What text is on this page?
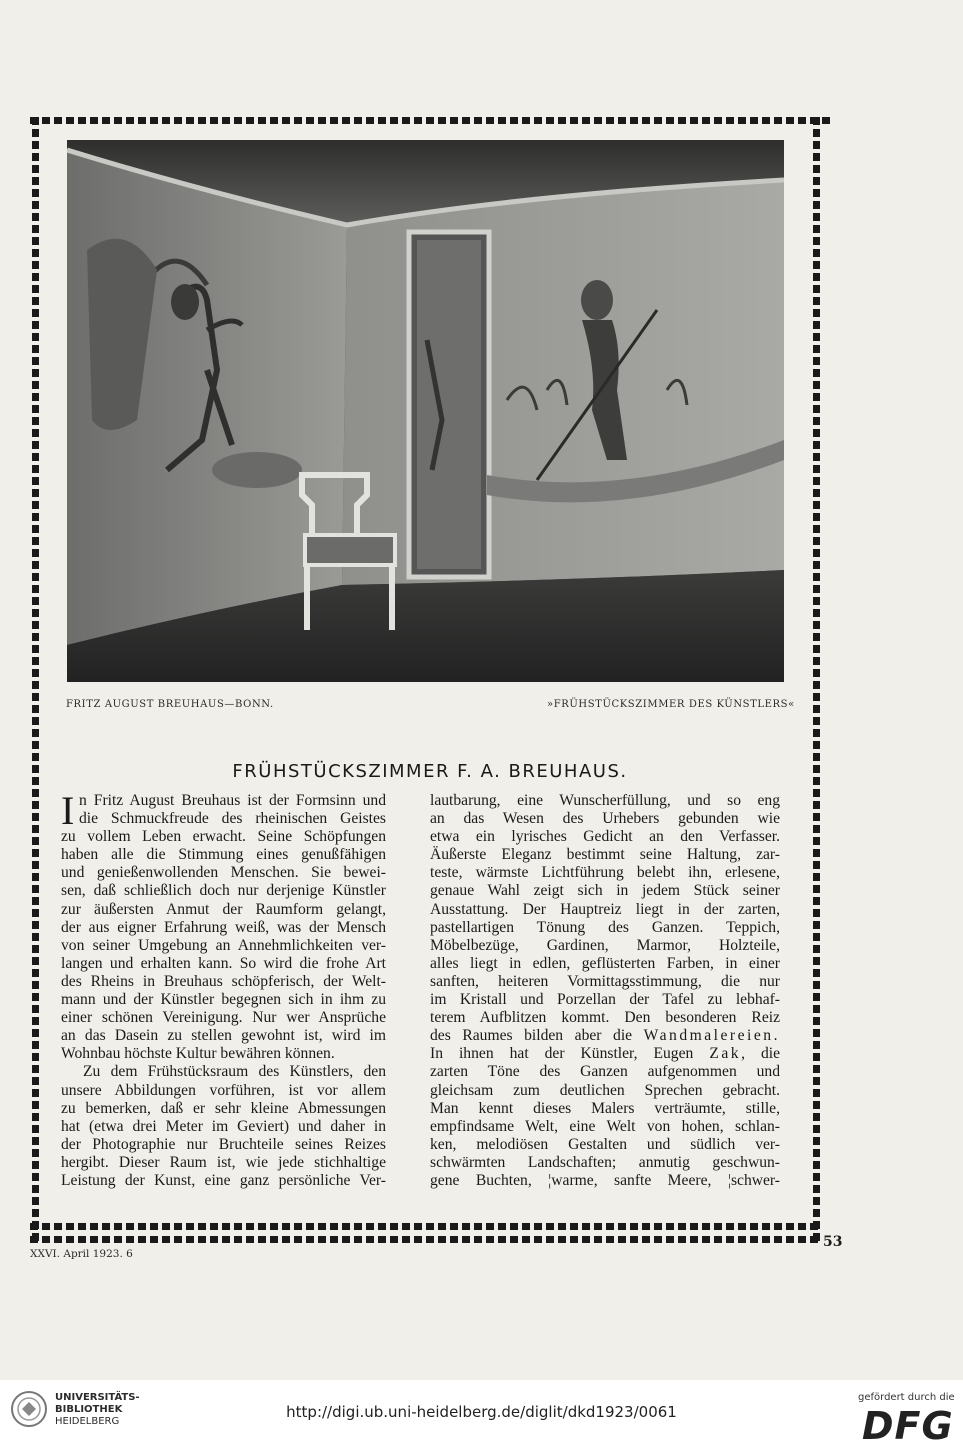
FRITZ AUGUST BREUHAUS—BONN.	»FRÜHSTÜCKSZIMMER DES KÜNSTLERS«
FRÜHSTÜCKSZIMMER F. A. BREUHAUS.
I n Fritz August Breuhaus ist der Formsinn und
die Schmuckfreude des rheinischen Geistes
zu vollem Leben erwacht. Seine Schöpfungen
haben alle die Stimmung eines genußfähigen
und genießenwollenden Menschen. Sie bewei-
sen, daß schließlich doch nur derjenige Künstler
zur äußersten Anmut der Raumform gelangt,
der aus eigner Erfahrung weiß, was der Mensch
von seiner Umgebung an Annehmlichkeiten ver-
langen und erhalten kann. So wird die frohe Art
des Rheins in Breuhaus schöpferisch, der Welt-
mann und der Künstler begegnen sich in ihm zu
einer schönen Vereinigung. Nur wer Ansprüche
an das Dasein zu stellen gewohnt ist, wird im
Wohnbau höchste Kultur bewähren können.
Zu dem Frühstücksraum des Künstlers, den
unsere Abbildungen vorführen, ist vor allem
zu bemerken, daß er sehr kleine Abmessungen
hat (etwa drei Meter im Geviert) und daher in
der Photographie nur Bruchteile seines Reizes
hergibt. Dieser Raum ist, wie jede stichhaltige
Leistung der Kunst, eine ganz persönliche Ver-
lautbarung, eine Wunscherfüllung, und so eng
an das Wesen des Urhebers gebunden wie
etwa ein lyrisches Gedicht an den Verfasser.
Äußerste Eleganz bestimmt seine Haltung, zar-
teste, wärmste Lichtführung belebt ihn, erlesene,
genaue Wahl zeigt sich in jedem Stück seiner
Ausstattung. Der Hauptreiz liegt in der zarten,
pastellartigen Tönung des Ganzen. Teppich,
Möbelbezüge, Gardinen, Marmor, Holzteile,
alles liegt in edlen, geflüsterten Farben, in einer
sanften, heiteren Vormittagsstimmung, die nur
im Kristall und Porzellan der Tafel zu lebhaf-
terem Aufblitzen kommt. Den besonderen Reiz
des Raumes bilden aber die Wandmalereien.
In ihnen hat der Künstler, Eugen Zak, die
zarten Töne des Ganzen aufgenommen und
gleichsam zum deutlichen Sprechen gebracht.
Man kennt dieses Malers verträumte, stille,
empfindsame Welt, eine Welt von hohen, schlan-
ken, melodiösen Gestalten und südlich ver-
schwärmten Landschaften; anmutig geschwun-
gene Buchten, ¦warme, sanfte Meere, ¦schwer-
53
XXVI. April 1923. 6
UNIVERSITÄTS-
BIBLIOTHEK
HEIDELBERG
http://digi.ub.uni-heidelberg.de/diglit/dkd1923/0061
gefördert durch die
DFG
